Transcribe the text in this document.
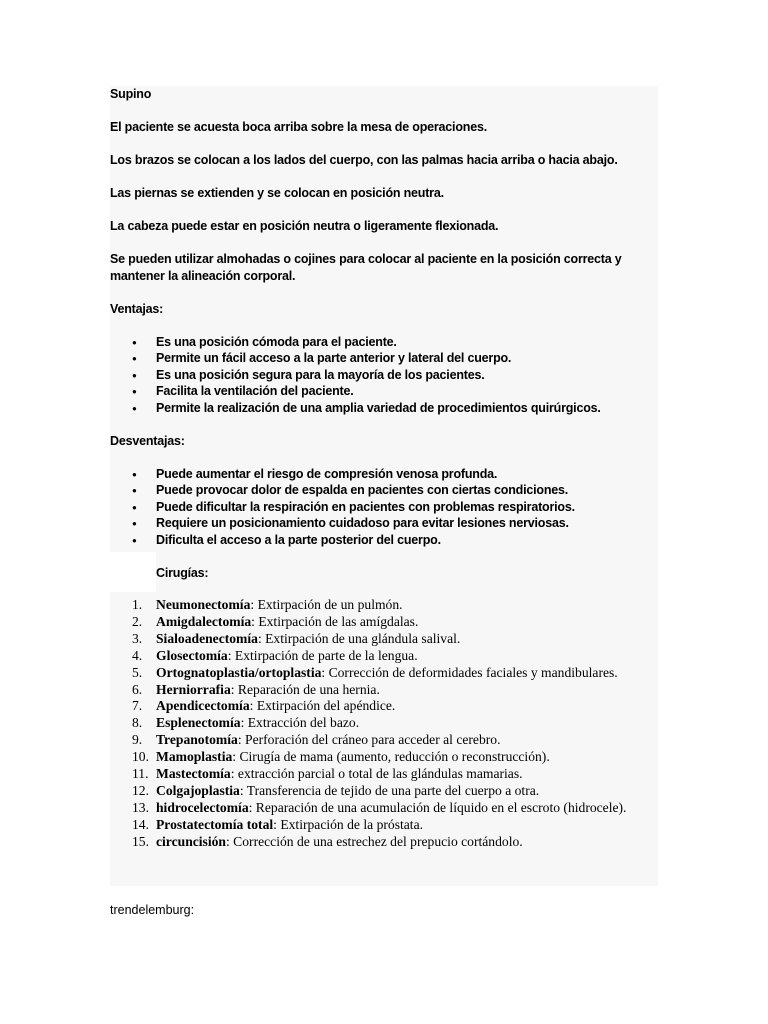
Supino

El paciente se acuesta boca arriba sobre la mesa de operaciones.

Los brazos se colocan a los lados del cuerpo, con las palmas hacia arriba o hacia abajo.

Las piernas se extienden y se colocan en posición neutra.

La cabeza puede estar en posición neutra o ligeramente flexionada.

Se pueden utilizar almohadas o cojines para colocar al paciente en la posición correcta y mantener la alineación corporal.

Ventajas:

● Es una posición cómoda para el paciente.
● Permite un fácil acceso a la parte anterior y lateral del cuerpo.
● Es una posición segura para la mayoría de los pacientes.
● Facilita la ventilación del paciente.
● Permite la realización de una amplia variedad de procedimientos quirúrgicos.

Desventajas:

● Puede aumentar el riesgo de compresión venosa profunda.
● Puede provocar dolor de espalda en pacientes con ciertas condiciones.
● Puede dificultar la respiración en pacientes con problemas respiratorios.
● Requiere un posicionamiento cuidadoso para evitar lesiones nerviosas.
● Dificulta el acceso a la parte posterior del cuerpo.

Cirugías:

1. Neumonectomía: Extirpación de un pulmón.
2. Amigdalectomía: Extirpación de las amígdalas.
3. Sialoadenectomía: Extirpación de una glándula salival.
4. Glosectomía: Extirpación de parte de la lengua.
5. Ortognatoplastia/ortoplastia: Corrección de deformidades faciales y mandibulares.
6. Herniorrafia: Reparación de una hernia.
7. Apendicectomía: Extirpación del apéndice.
8. Esplenectomía: Extracción del bazo.
9. Trepanotomía: Perforación del cráneo para acceder al cerebro.
10. Mamoplastia: Cirugía de mama (aumento, reducción o reconstrucción).
11. Mastectomía: extracción parcial o total de las glándulas mamarias.
12. Colgajoplastia: Transferencia de tejido de una parte del cuerpo a otra.
13. hidrocelectomía: Reparación de una acumulación de líquido en el escroto (hidrocele).
14. Prostatectomía total: Extirpación de la próstata.
15. circuncisión: Corrección de una estrechez del prepucio cortándolo.
trendelemburg:
